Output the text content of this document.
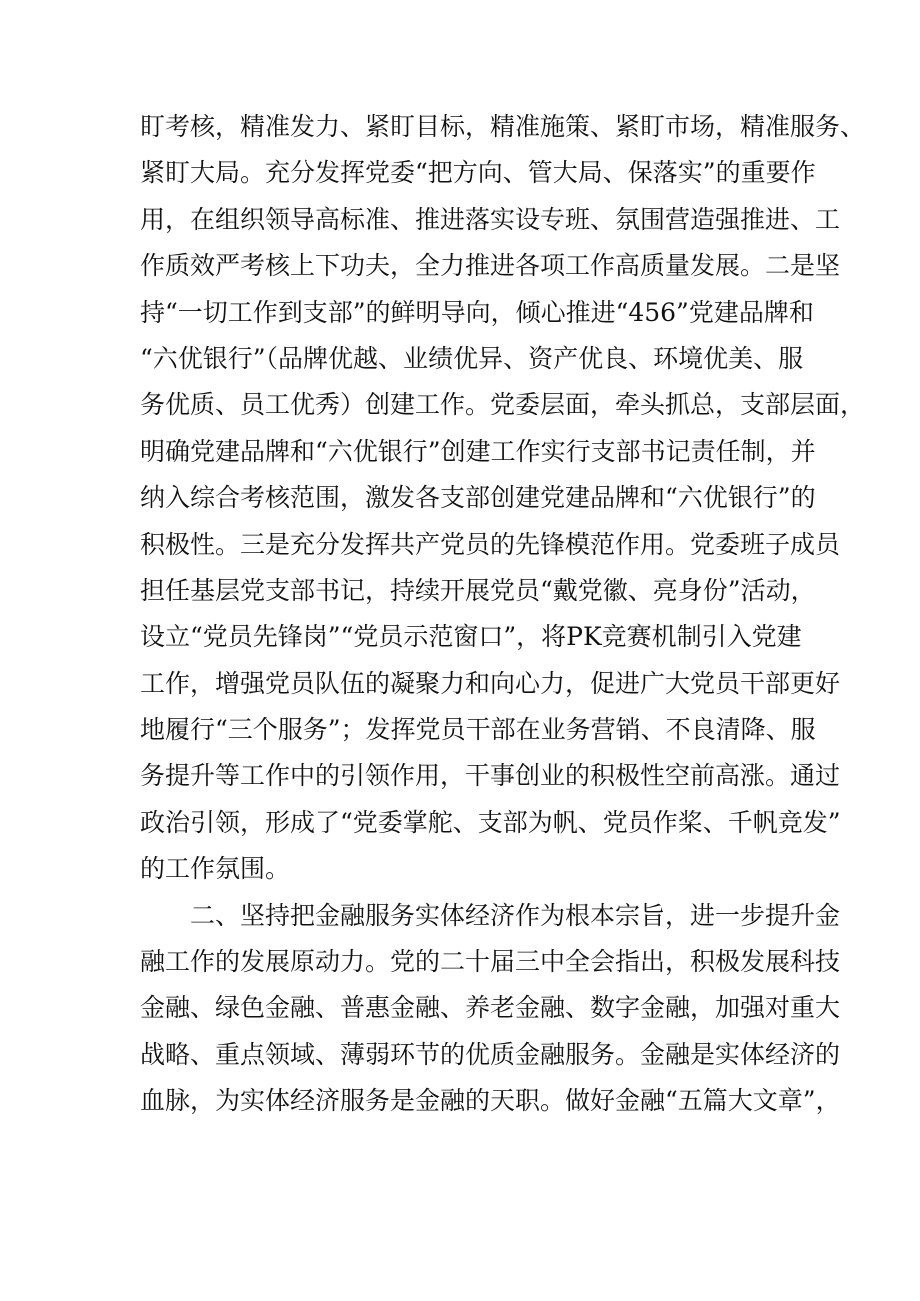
盯考核，精准发力、紧盯目标，精准施策、紧盯市场，精准服务、
紧盯大局。充分发挥党委“把方向、管大局、保落实”的重要作
用，在组织领导高标准、推进落实设专班、氛围营造强推进、工
作质效严考核上下功夫，全力推进各项工作高质量发展。二是坚
持“一切工作到支部”的鲜明导向，倾心推进“456”党建品牌和
“六优银行”（品牌优越、业绩优异、资产优良、环境优美、服
务优质、员工优秀）创建工作。党委层面，牵头抓总，支部层面，
明确党建品牌和“六优银行”创建工作实行支部书记责任制，并
纳入综合考核范围，激发各支部创建党建品牌和“六优银行”的
积极性。三是充分发挥共产党员的先锋模范作用。党委班子成员
担任基层党支部书记，持续开展党员“戴党徽、亮身份”活动，
设立“党员先锋岗”“党员示范窗口”，将PK竞赛机制引入党建
工作，增强党员队伍的凝聚力和向心力，促进广大党员干部更好
地履行“三个服务”；发挥党员干部在业务营销、不良清降、服
务提升等工作中的引领作用，干事创业的积极性空前高涨。通过
政治引领，形成了“党委掌舵、支部为帆、党员作桨、千帆竞发”
的工作氛围。
二、坚持把金融服务实体经济作为根本宗旨，进一步提升金
融工作的发展原动力。党的二十届三中全会指出，积极发展科技
金融、绿色金融、普惠金融、养老金融、数字金融，加强对重大
战略、重点领域、薄弱环节的优质金融服务。金融是实体经济的
血脉，为实体经济服务是金融的天职。做好金融“五篇大文章”，
